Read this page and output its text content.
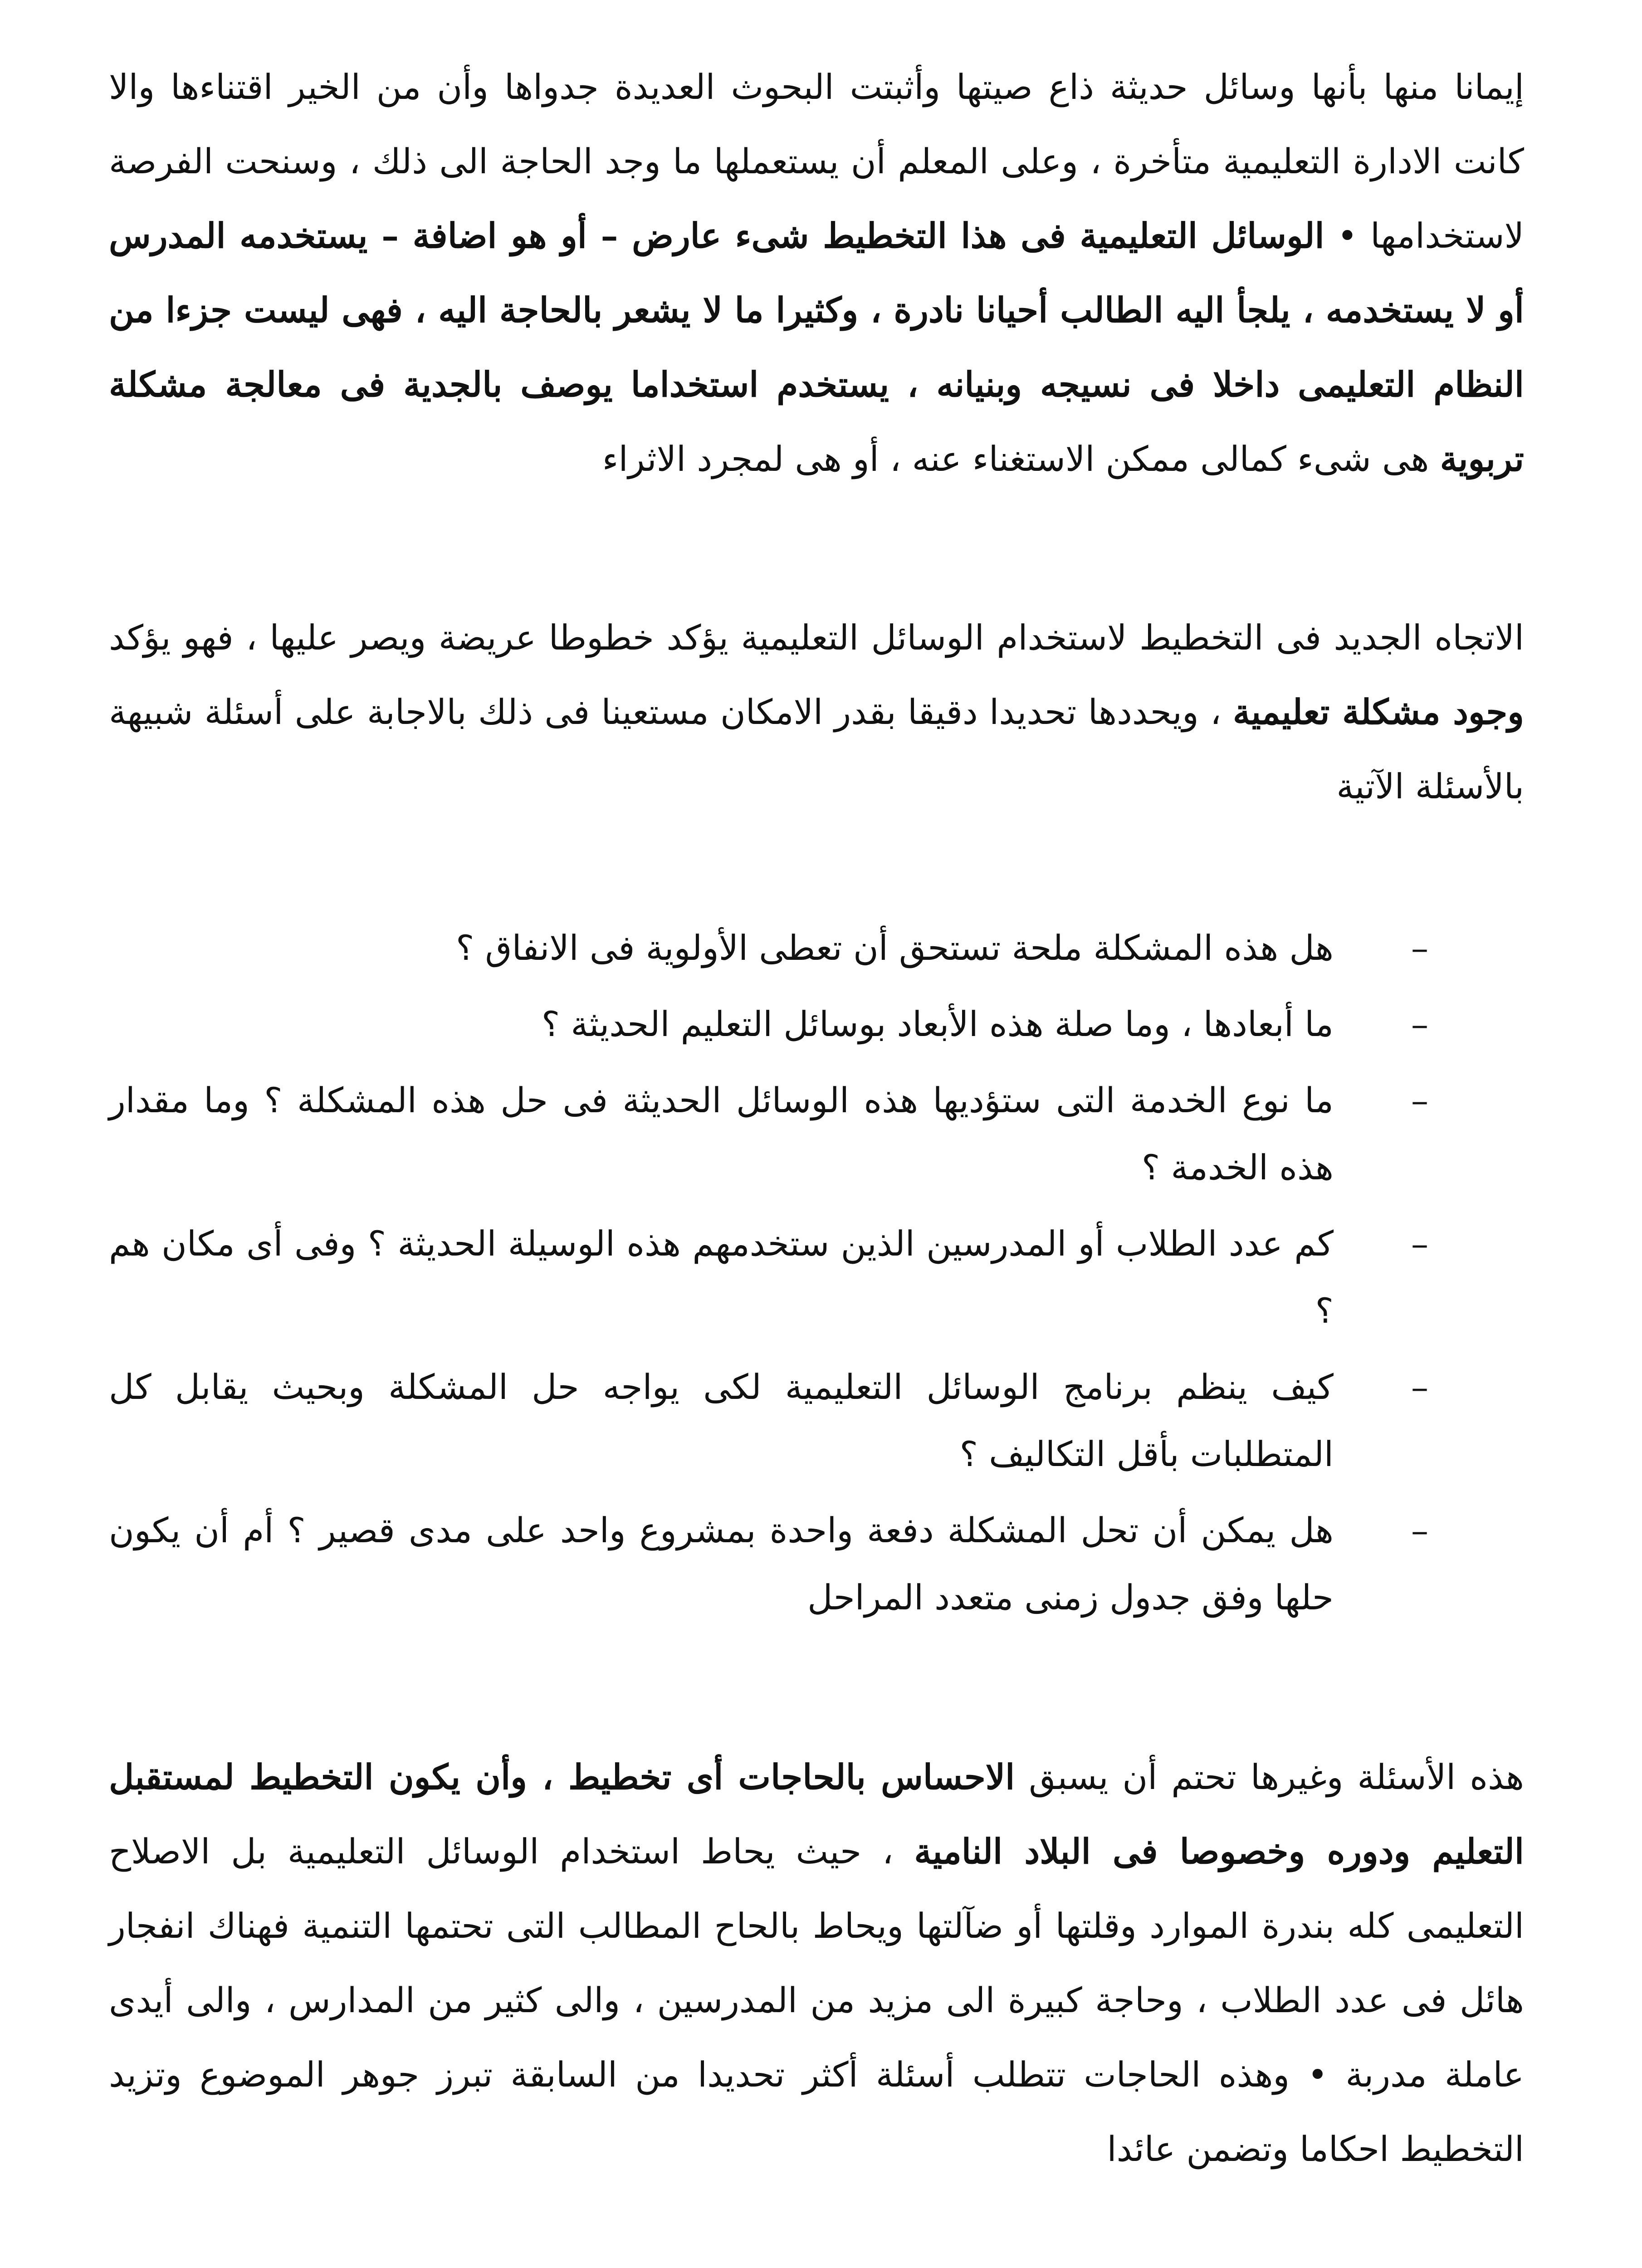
إيمانا منها بأنها وسائل حديثة ذاع صيتها وأثبتت البحوث العديدة جدواها وأن من الخير اقتناءها والا كانت الادارة التعليمية متأخرة ، وعلى المعلم أن يستعملها ما وجد الحاجة الى ذلك ، وسنحت الفرصة لاستخدامها • الوسائل التعليمية فى هذا التخطيط شىء عارض – أو هو اضافة – يستخدمه المدرس أو لا يستخدمه ، يلجأ اليه الطالب أحيانا نادرة ، وكثيرا ما لا يشعر بالحاجة اليه ، فهى ليست جزءا من النظام التعليمى داخلا فى نسيجه وبنيانه ، يستخدم استخداما يوصف بالجدية فى معالجة مشكلة تربوية هى شىء كمالى ممكن الاستغناء عنه ، أو هى لمجرد الاثراء

الاتجاه الجديد فى التخطيط لاستخدام الوسائل التعليمية يؤكد خطوطا عريضة ويصر عليها ، فهو يؤكد وجود مشكلة تعليمية ، ويحددها تحديدا دقيقا بقدر الامكان مستعينا فى ذلك بالاجابة على أسئلة شبيهة بالأسئلة الآتية

–
هل هذه المشكلة ملحة تستحق أن تعطى الأولوية فى الانفاق ؟
–
ما أبعادها ، وما صلة هذه الأبعاد بوسائل التعليم الحديثة ؟
–
ما نوع الخدمة التى ستؤديها هذه الوسائل الحديثة فى حل هذه المشكلة ؟ وما مقدار هذه الخدمة ؟
–
كم عدد الطلاب أو المدرسين الذين ستخدمهم هذه الوسيلة الحديثة ؟ وفى أى مكان هم ؟
–
كيف ينظم برنامج الوسائل التعليمية لكى يواجه حل المشكلة وبحيث يقابل كل المتطلبات بأقل التكاليف ؟
–
هل يمكن أن تحل المشكلة دفعة واحدة بمشروع واحد على مدى قصير ؟ أم أن يكون حلها وفق جدول زمنى متعدد المراحل

هذه الأسئلة وغيرها تحتم أن يسبق الاحساس بالحاجات أى تخطيط ، وأن يكون التخطيط لمستقبل التعليم ودوره وخصوصا فى البلاد النامية ، حيث يحاط استخدام الوسائل التعليمية بل الاصلاح التعليمى كله بندرة الموارد وقلتها أو ضآلتها ويحاط بالحاح المطالب التى تحتمها التنمية فهناك انفجار هائل فى عدد الطلاب ، وحاجة كبيرة الى مزيد من المدرسين ، والى كثير من المدارس ، والى أيدى عاملة مدربة • وهذه الحاجات تتطلب أسئلة أكثر تحديدا من السابقة تبرز جوهر الموضوع وتزيد التخطيط احكاما وتضمن عائدا
